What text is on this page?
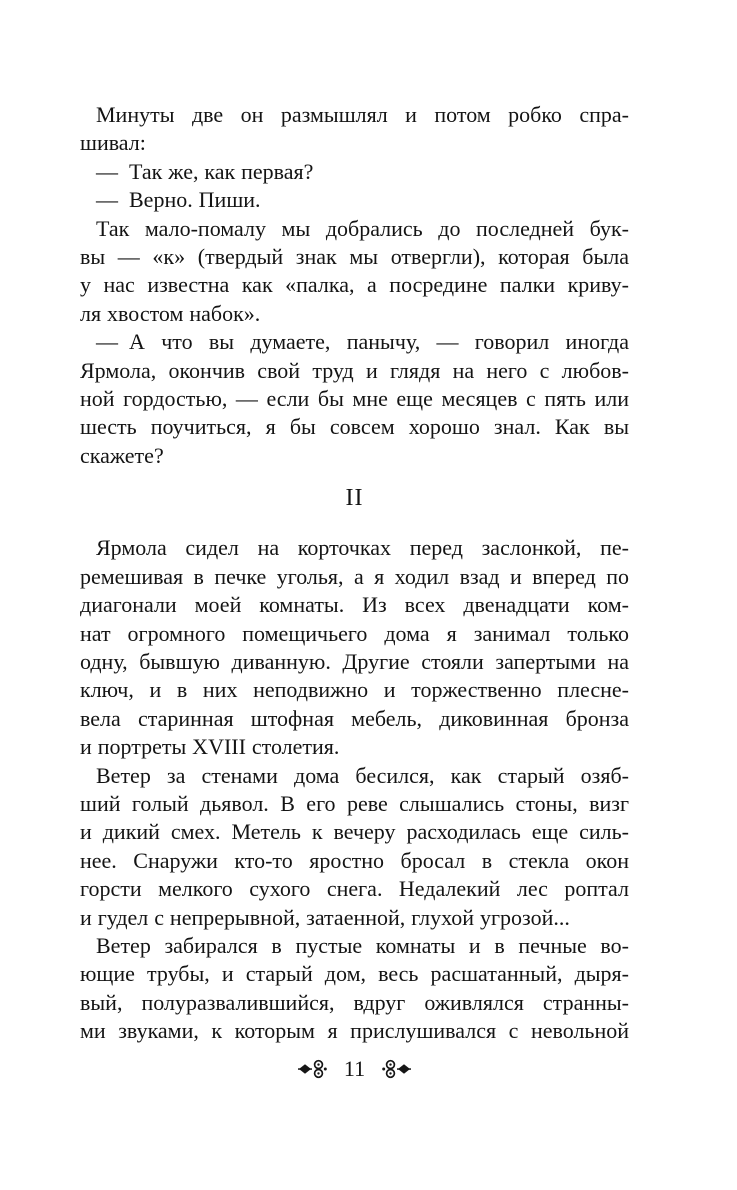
Минуты две он размышлял и потом робко спра-
шивал:
— Так же, как первая?
— Верно. Пиши.
Так мало-помалу мы добрались до последней бук-
вы — «к» (твердый знак мы отвергли), которая была
у нас известна как «палка, а посредине палки криву-
ля хвостом набок».
— А что вы думаете, панычу, — говорил иногда
Ярмола, окончив свой труд и глядя на него с любов-
ной гордостью, — если бы мне еще месяцев с пять или
шесть поучиться, я бы совсем хорошо знал. Как вы
скажете?
II
Ярмола сидел на корточках перед заслонкой, пе-
ремешивая в печке уголья, а я ходил взад и вперед по
диагонали моей комнаты. Из всех двенадцати ком-
нат огромного помещичьего дома я занимал только
одну, бывшую диванную. Другие стояли запертыми на
ключ, и в них неподвижно и торжественно плесне-
вела старинная штофная мебель, диковинная бронза
и портреты XVIII столетия.
Ветер за стенами дома бесился, как старый озяб-
ший голый дьявол. В его реве слышались стоны, визг
и дикий смех. Метель к вечеру расходилась еще силь-
нее. Снаружи кто-то яростно бросал в стекла окон
горсти мелкого сухого снега. Недалекий лес роптал
и гудел с непрерывной, затаенной, глухой угрозой...
Ветер забирался в пустые комнаты и в печные во-
ющие трубы, и старый дом, весь расшатанный, дыря-
вый, полуразвалившийся, вдруг оживлялся странны-
ми звуками, к которым я прислушивался с невольной
11
